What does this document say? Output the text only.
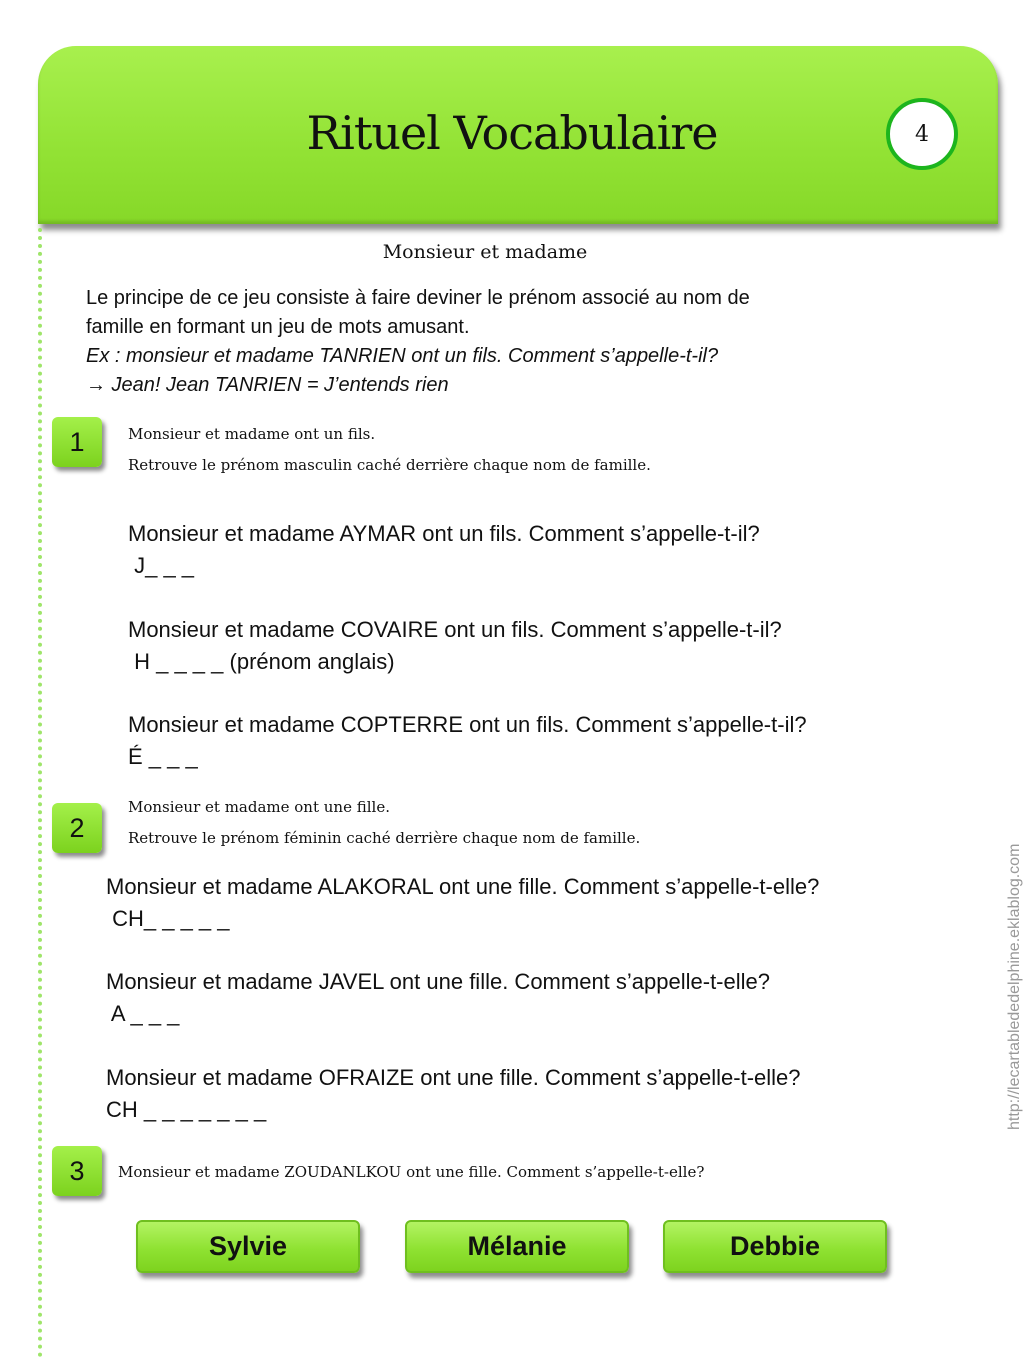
Rituel Vocabulaire	4
Monsieur et madame
Le principe de ce jeu consiste à faire deviner le prénom associé au nom de
famille en formant un jeu de mots amusant.
Ex : monsieur et madame TANRIEN ont un fils. Comment s’appelle-t-il?
→ Jean! Jean TANRIEN = J’entends rien
1	Monsieur et madame ont un fils.
Retrouve le prénom masculin caché derrière chaque nom de famille.
Monsieur et madame AYMAR ont un fils. Comment s’appelle-t-il?
J_ _ _
Monsieur et madame COVAIRE ont un fils. Comment s’appelle-t-il?
H _ _ _ _ (prénom anglais)
Monsieur et madame COPTERRE ont un fils. Comment s’appelle-t-il?
É _ _ _
2
Monsieur et madame ont une fille.
Retrouve le prénom féminin caché derrière chaque nom de famille.
Monsieur et madame ALAKORAL ont une fille. Comment s’appelle-t-elle?
CH_ _ _ _ _
Monsieur et madame JAVEL ont une fille. Comment s’appelle-t-elle?
A _ _ _
Monsieur et madame OFRAIZE ont une fille. Comment s’appelle-t-elle?
CH _ _ _ _ _ _ _
3	Monsieur et madame ZOUDANLKOU ont une fille. Comment s’appelle-t-elle?
Sylvie	Mélanie	Debbie
http://lecartablededelphine.eklablog.com
